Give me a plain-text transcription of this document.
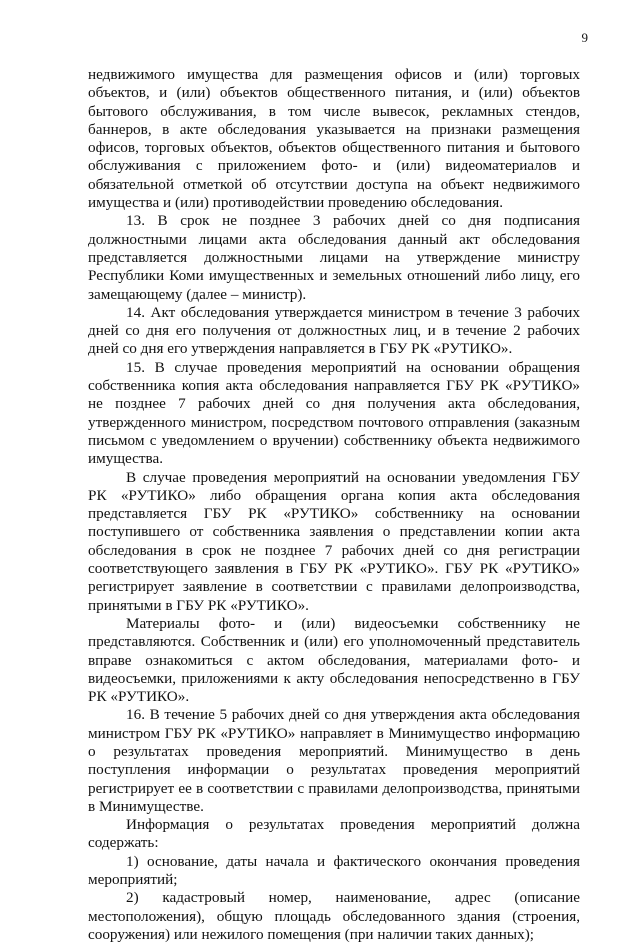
9

недвижимого имущества для размещения офисов и (или) торговых объектов, и (или) объектов общественного питания, и (или) объектов бытового обслуживания, в том числе вывесок, рекламных стендов, баннеров, в акте обследования указывается на признаки размещения офисов, торговых объектов, объектов общественного питания и бытового обслуживания с приложением фото- и (или) видеоматериалов и обязательной отметкой об отсутствии доступа на объект недвижимого имущества и (или) противодействии проведению обследования.

13. В срок не позднее 3 рабочих дней со дня подписания должностными лицами акта обследования данный акт обследования представляется должностными лицами на утверждение министру Республики Коми имущественных и земельных отношений либо лицу, его замещающему (далее – министр).

14. Акт обследования утверждается министром в течение 3 рабочих дней со дня его получения от должностных лиц, и в течение 2 рабочих дней со дня его утверждения направляется в ГБУ РК «РУТИКО».

15. В случае проведения мероприятий на основании обращения собственника копия акта обследования направляется ГБУ РК «РУТИКО» не позднее 7 рабочих дней со дня получения акта обследования, утвержденного министром, посредством почтового отправления (заказным письмом с уведомлением о вручении) собственнику объекта недвижимого имущества.

В случае проведения мероприятий на основании уведомления ГБУ РК «РУТИКО» либо обращения органа копия акта обследования представляется ГБУ РК «РУТИКО» собственнику на основании поступившего от собственника заявления о представлении копии акта обследования в срок не позднее 7 рабочих дней со дня регистрации соответствующего заявления в ГБУ РК «РУТИКО». ГБУ РК «РУТИКО» регистрирует заявление в соответствии с правилами делопроизводства, принятыми в ГБУ РК «РУТИКО».

Материалы фото- и (или) видеосъемки собственнику не представляются. Собственник и (или) его уполномоченный представитель вправе ознакомиться с актом обследования, материалами фото- и видеосъемки, приложениями к акту обследования непосредственно в ГБУ РК «РУТИКО».

16. В течение 5 рабочих дней со дня утверждения акта обследования министром ГБУ РК «РУТИКО» направляет в Минимущество информацию о результатах проведения мероприятий. Минимущество в день поступления информации о результатах проведения мероприятий регистрирует ее в соответствии с правилами делопроизводства, принятыми в Минимуществе.

Информация о результатах проведения мероприятий должна содержать:

1) основание, даты начала и фактического окончания проведения мероприятий;

2) кадастровый номер, наименование, адрес (описание местоположения), общую площадь обследованного здания (строения, сооружения) или нежилого помещения (при наличии таких данных);
